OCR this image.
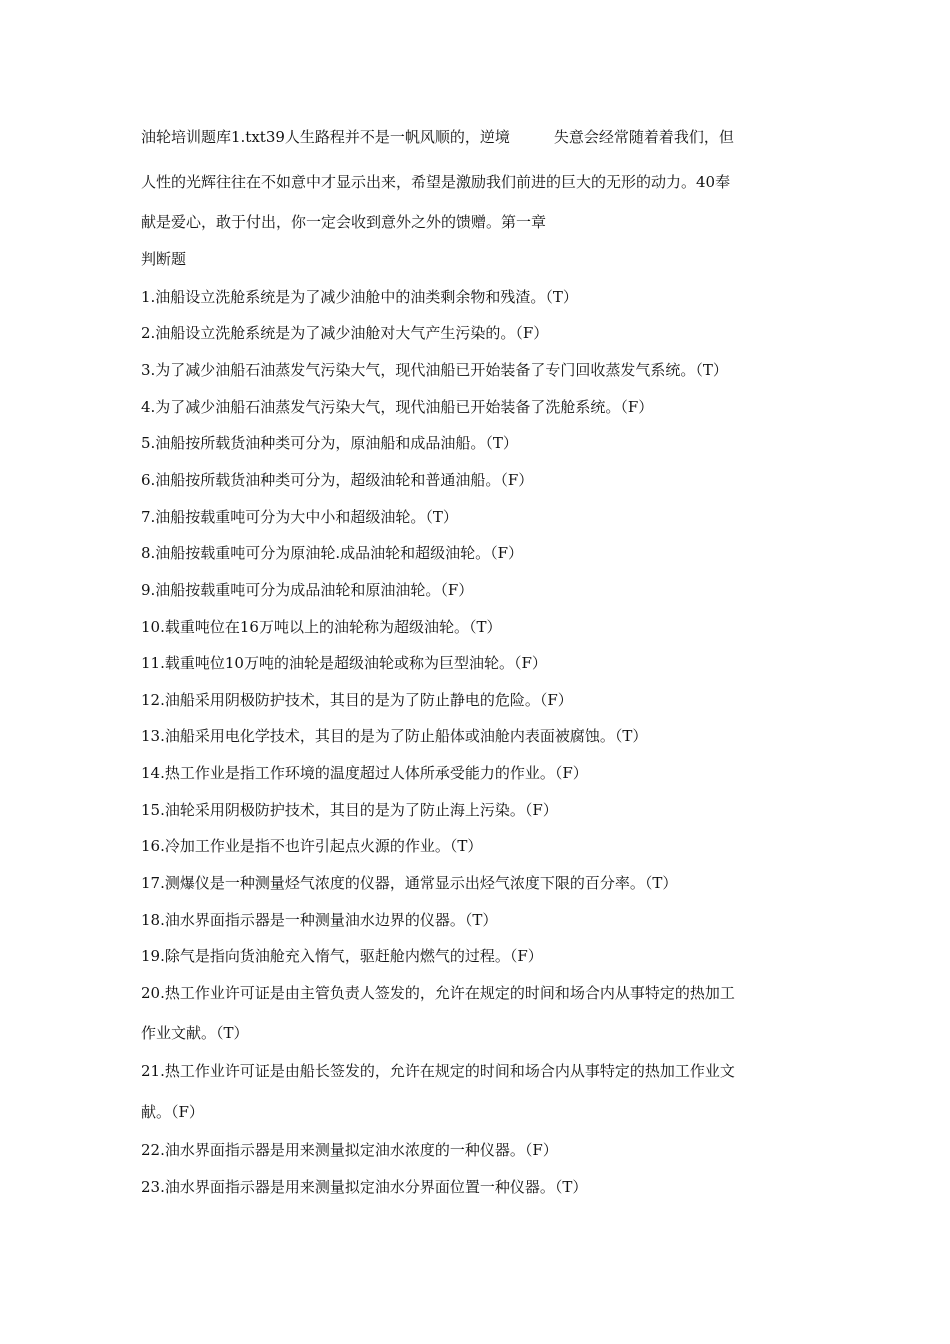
油轮培训题库1.txt39人生路程并不是一帆风顺的，逆境	失意会经常随着着我们，但

人性的光辉往往在不如意中才显示出来，希望是激励我们前进的巨大的无形的动力。40奉

献是爱心，敢于付出，你一定会收到意外之外的馈赠。第一章

判断题

1.油船设立洗舱系统是为了减少油舱中的油类剩余物和残渣。（T）

2.油船设立洗舱系统是为了减少油舱对大气产生污染的。（F）

3.为了减少油船石油蒸发气污染大气，现代油船已开始装备了专门回收蒸发气系统。（T）

4.为了减少油船石油蒸发气污染大气，现代油船已开始装备了洗舱系统。（F）

5.油船按所载货油种类可分为，原油船和成品油船。（T）

6.油船按所载货油种类可分为，超级油轮和普通油船。（F）

7.油船按载重吨可分为大中小和超级油轮。（T）

8.油船按载重吨可分为原油轮.成品油轮和超级油轮。（F）

9.油船按载重吨可分为成品油轮和原油油轮。（F）

10.载重吨位在16万吨以上的油轮称为超级油轮。（T）

11.载重吨位10万吨的油轮是超级油轮或称为巨型油轮。（F）

12.油船采用阴极防护技术，其目的是为了防止静电的危险。（F）

13.油船采用电化学技术，其目的是为了防止船体或油舱内表面被腐蚀。（T）

14.热工作业是指工作环境的温度超过人体所承受能力的作业。（F）

15.油轮采用阴极防护技术，其目的是为了防止海上污染。（F）

16.冷加工作业是指不也许引起点火源的作业。（T）

17.测爆仪是一种测量烃气浓度的仪器，通常显示出烃气浓度下限的百分率。（T）

18.油水界面指示器是一种测量油水边界的仪器。（T）

19.除气是指向货油舱充入惰气，驱赶舱内燃气的过程。（F）

20.热工作业许可证是由主管负责人签发的，允许在规定的时间和场合内从事特定的热加工

作业文献。（T）

21.热工作业许可证是由船长签发的，允许在规定的时间和场合内从事特定的热加工作业文

献。（F）

22.油水界面指示器是用来测量拟定油水浓度的一种仪器。（F）

23.油水界面指示器是用来测量拟定油水分界面位置一种仪器。（T）
